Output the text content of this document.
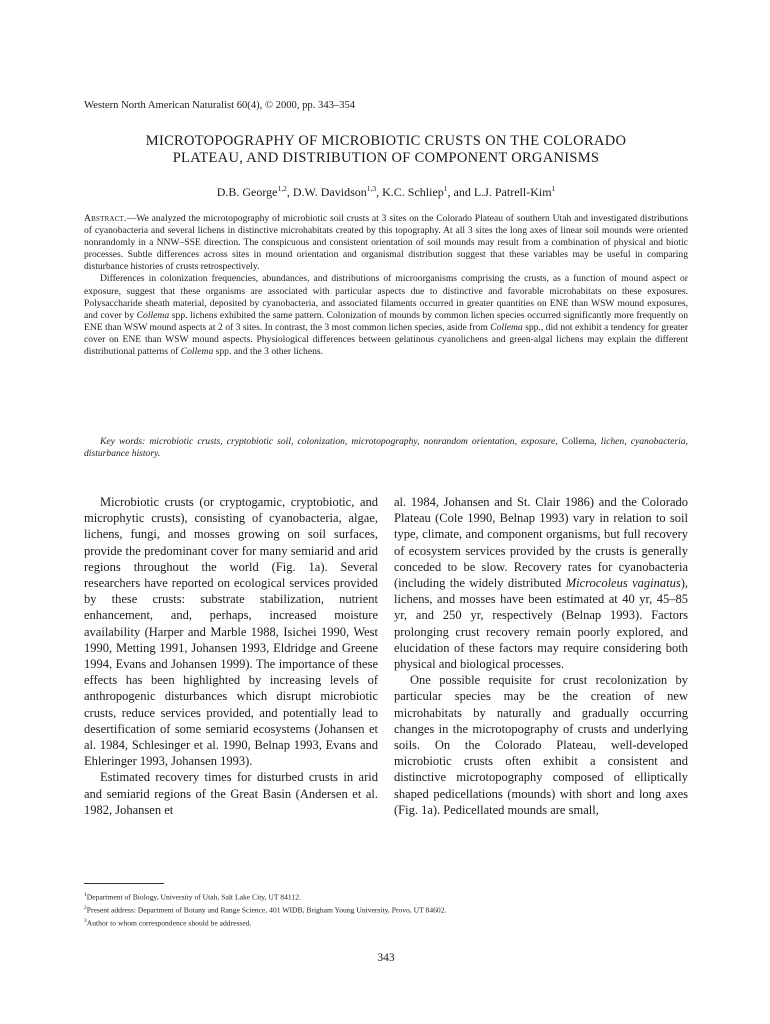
Western North American Naturalist 60(4), © 2000, pp. 343–354
MICROTOPOGRAPHY OF MICROBIOTIC CRUSTS ON THE COLORADO
PLATEAU, AND DISTRIBUTION OF COMPONENT ORGANISMS
D.B. George$^{1,2}$, D.W. Davidson$^{1,3}$, K.C. Schliep$^1$, and L.J. Patrell-Kim$^1$

Abstract.—We analyzed the microtopography of microbiotic soil crusts at 3 sites on the Colorado Plateau of southern Utah and investigated distributions of cyanobacteria and several lichens in distinctive microhabitats created by this topography. At all 3 sites the long axes of linear soil mounds were oriented nonrandomly in a NNW–SSE direction. The conspicuous and consistent orientation of soil mounds may result from a combination of physical and biotic processes. Subtle differences across sites in mound orientation and organismal distribution suggest that these variables may be useful in comparing disturbance histories of crusts retrospectively.

Differences in colonization frequencies, abundances, and distributions of microorganisms comprising the crusts, as a function of mound aspect or exposure, suggest that these organisms are associated with particular aspects due to distinctive and favorable microhabitats on these exposures. Polysaccharide sheath material, deposited by cyanobacteria, and associated filaments occurred in greater quantities on ENE than WSW mound exposures, and cover by Collema spp. lichens exhibited the same pattern. Colonization of mounds by common lichen species occurred significantly more frequently on ENE than WSW mound aspects at 2 of 3 sites. In contrast, the 3 most common lichen species, aside from Collema spp., did not exhibit a tendency for greater cover on ENE than WSW mound aspects. Physiological differences between gelatinous cyanolichens and green-algal lichens may explain the different distributional patterns of Collema spp. and the 3 other lichens.

Key words: microbiotic crusts, cryptobiotic soil, colonization, microtopography, nonrandom orientation, exposure, Collema, lichen, cyanobacteria, disturbance history.

Microbiotic crusts (or cryptogamic, cryptobiotic, and microphytic crusts), consisting of cyanobacteria, algae, lichens, fungi, and mosses growing on soil surfaces, provide the predominant cover for many semiarid and arid regions throughout the world (Fig. 1a). Several researchers have reported on ecological services provided by these crusts: substrate stabilization, nutrient enhancement, and, perhaps, increased moisture availability (Harper and Marble 1988, Isichei 1990, West 1990, Metting 1991, Johansen 1993, Eldridge and Greene 1994, Evans and Johansen 1999). The importance of these effects has been highlighted by increasing levels of anthropogenic disturbances which disrupt microbiotic crusts, reduce services provided, and potentially lead to desertification of some semiarid ecosystems (Johansen et al. 1984, Schlesinger et al. 1990, Belnap 1993, Evans and Ehleringer 1993, Johansen 1993).

Estimated recovery times for disturbed crusts in arid and semiarid regions of the Great Basin (Andersen et al. 1982, Johansen et

al. 1984, Johansen and St. Clair 1986) and the Colorado Plateau (Cole 1990, Belnap 1993) vary in relation to soil type, climate, and component organisms, but full recovery of ecosystem services provided by the crusts is generally conceded to be slow. Recovery rates for cyanobacteria (including the widely distributed Microcoleus vaginatus), lichens, and mosses have been estimated at 40 yr, 45–85 yr, and 250 yr, respectively (Belnap 1993). Factors prolonging crust recovery remain poorly explored, and elucidation of these factors may require considering both physical and biological processes.

One possible requisite for crust recolonization by particular species may be the creation of new microhabitats by naturally and gradually occurring changes in the microtopography of crusts and underlying soils. On the Colorado Plateau, well-developed microbiotic crusts often exhibit a consistent and distinctive microtopography composed of elliptically shaped pedicellations (mounds) with short and long axes (Fig. 1a). Pedicellated mounds are small,

$^1$Department of Biology, University of Utah, Salt Lake City, UT 84112.
$^2$Present address: Department of Botany and Range Science, 401 WIDB, Brigham Young University, Provo, UT 84602.
$^3$Author to whom correspondence should be addressed.
343
